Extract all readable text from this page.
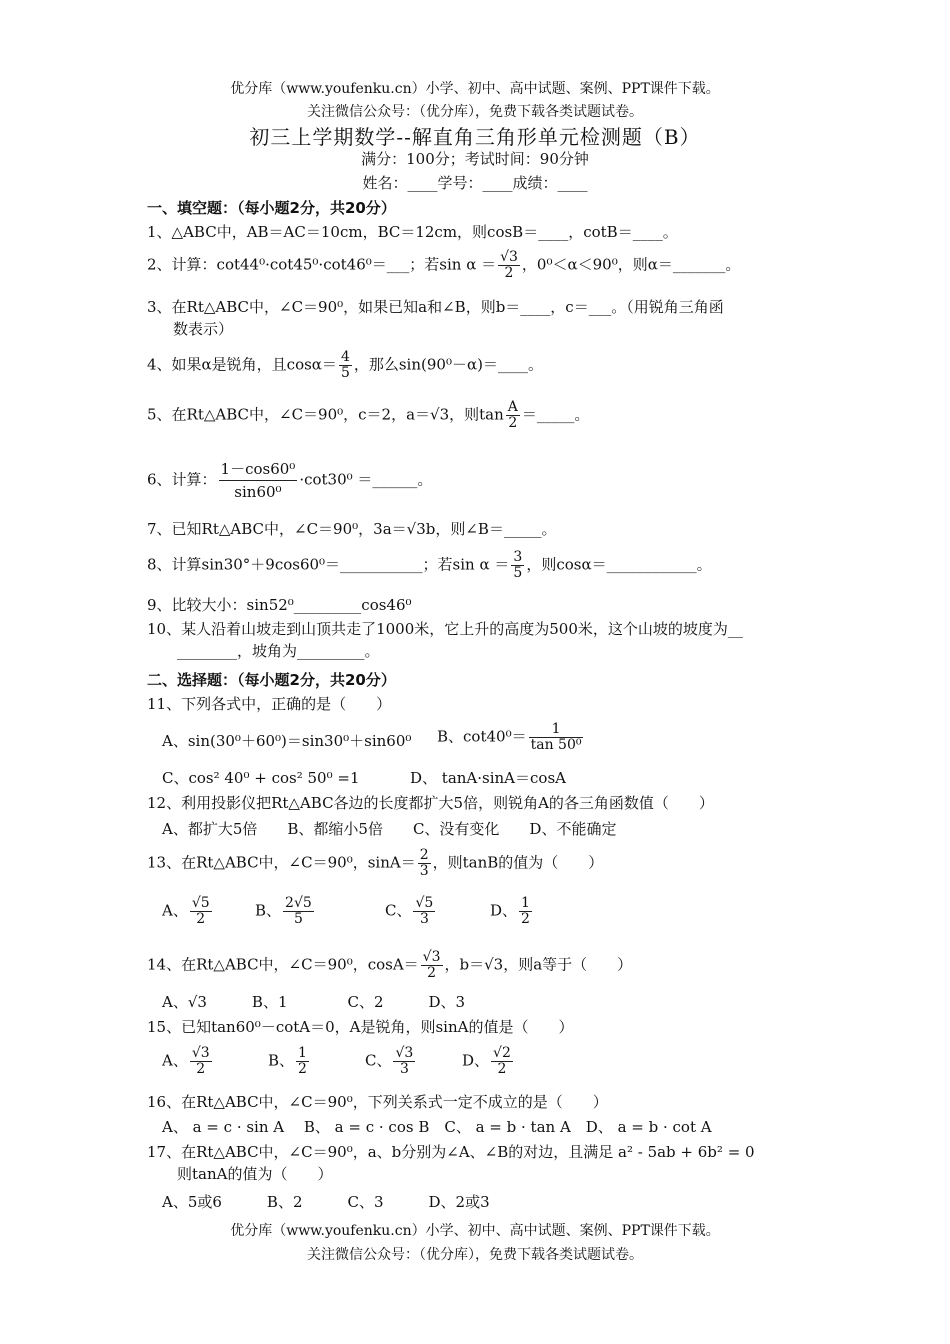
优分库（www.youfenku.cn）小学、初中、高中试题、案例、PPT课件下载。
关注微信公众号：（优分库），免费下载各类试题试卷。
初三上学期数学--解直角三角形单元检测题（B）
满分：100分；考试时间：90分钟
姓名：____学号：____成绩：____
一、填空题：（每小题2分，共20分）
1、△ABC中，AB＝AC＝10cm，BC＝12cm，则cosB＝____，cotB＝____。
2、计算：cot44⁰·cot45⁰·cot46⁰＝___；若$\sin \alpha = \frac{√3}{2}$ ，0⁰＜α＜90⁰，则α＝_______。
3、在Rt△ABC中，∠C＝90⁰，如果已知a和∠B，则b＝____，c＝___。（用锐角三角函
数表示）
4、如果α是锐角，且$\cos\alpha= \frac{4}{5}$ ，那么sin(90⁰－α)＝____。
5、在Rt△ABC中，∠C＝90⁰，c＝2，a＝√3，则$\tan \frac{A}{2}$ ＝_____。
6、计算： $\frac{\text{1－cos60⁰}}{\text{sin60⁰}} \cdot\cot 30^0$ ＝______。
7、已知Rt△ABC中，∠C＝90⁰，3a＝√3b，则∠B＝_____。
8、计算sin30°＋9cos60⁰＝___________；若$\sin \alpha = \frac{3}{5}$ ，则cosα＝____________。
9、比较大小：sin52⁰_________cos46⁰
10、某人沿着山坡走到山顶共走了1000米，它上升的高度为500米，这个山坡的坡度为__
________，坡角为_________。
二、选择题：（每小题2分，共20分）
11、下列各式中，正确的是（　　）
A、sin(30⁰＋60⁰)＝sin30⁰＋sin60⁰ B、$\cot 40^0= \frac{1}{\text{tan 50⁰}}$
C、cos² 40⁰ + cos² 50⁰ =1	D、 tanA·sinA＝cosA
12、利用投影仪把Rt△ABC各边的长度都扩大5倍，则锐角A的各三角函数值（　　）
A、都扩大5倍　　B、都缩小5倍　　C、没有变化　　D、不能确定
13、在Rt△ABC中，∠C＝90⁰，$\sin A= \frac{2}{3}$ ，则tanB的值为（　　）
A、 $\frac{√5}{2}$	B、 $\frac{2√5}{5}$	C、 $\frac{√5}{3}$	D、 $\frac{1}{2}$
14、在Rt△ABC中，∠C＝90⁰，$\cos A= \frac{√3}{2}$ ，b＝√3，则a等于（　　）
A、√3　　　B、1　　　　C、2　　　D、3
15、已知tan60⁰－cotA＝0，A是锐角，则sinA的值是（　　）
A、 $\frac{√3}{2}$	B、 $\frac{1}{2}$	C、 $\frac{√3}{3}$	D、 $\frac{√2}{2}$
16、在Rt△ABC中，∠C＝90⁰，下列关系式一定不成立的是（　　）
A、 a = c · sin A　 B、 a = c · cos B　C、 a = b · tan A　D、 a = b · cot A
17、在Rt△ABC中，∠C＝90⁰，a、b分别为∠A、∠B的对边，且满足 a² - 5ab + 6b² = 0
则tanA的值为（　　）
A、5或6　　　B、2　　　C、3　　　D、2或3
优分库（www.youfenku.cn）小学、初中、高中试题、案例、PPT课件下载。
关注微信公众号：（优分库），免费下载各类试题试卷。
